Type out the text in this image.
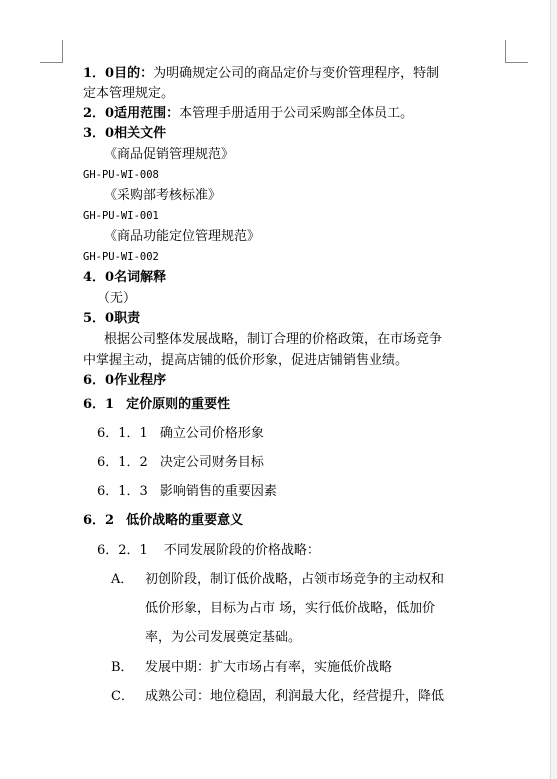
1．0目的：为明确规定公司的商品定价与变价管理程序，特制
定本管理规定。
2．0适用范围：本管理手册适用于公司采购部全体员工。
3．0相关文件
《商品促销管理规范》
GH-PU-WI-008
《采购部考核标准》
GH-PU-WI-001
《商品功能定位管理规范》
GH-PU-WI-002
4．0名词解释
（无）
5．0职责
根据公司整体发展战略，制订合理的价格政策，在市场竞争
中掌握主动，提高店铺的低价形象，促进店铺销售业绩。
6．0作业程序
6．1 定价原则的重要性
6．1．1 确立公司价格形象
6．1．2 决定公司财务目标
6．1．3 影响销售的重要因素
6．2 低价战略的重要意义
6．2．1 不同发展阶段的价格战略：
A． 初创阶段，制订低价战略，占领市场竞争的主动权和
低价形象，目标为占市 场，实行低价战略，低加价
率，为公司发展奠定基础。
B． 发展中期：扩大市场占有率，实施低价战略
C． 成熟公司：地位稳固，利润最大化，经营提升，降低
